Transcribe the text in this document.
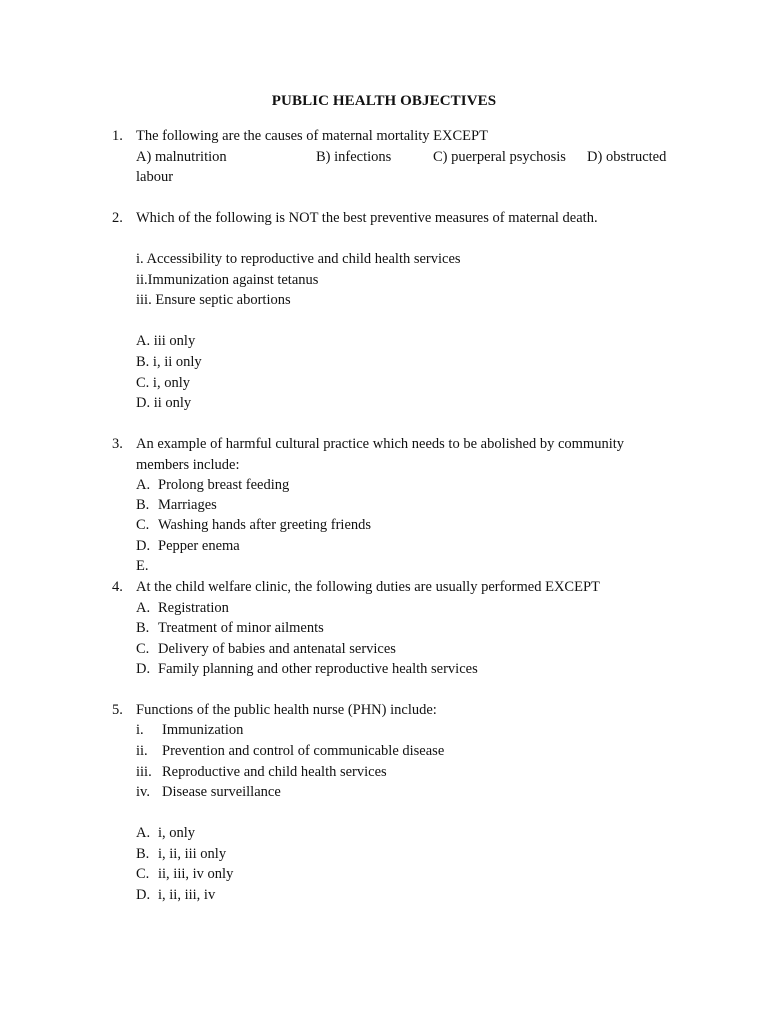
PUBLIC HEALTH OBJECTIVES
1. The following are the causes of maternal mortality EXCEPT
A) malnutrition	B) infections	C) puerperal psychosis D) obstructed
labour
2. Which of the following is NOT the best preventive measures of maternal death.
i. Accessibility to reproductive and child health services
ii.Immunization against tetanus
iii. Ensure septic abortions
A. iii only
B. i, ii only
C. i, only
D. ii only
3. An example of harmful cultural practice which needs to be abolished by community
members include:
A. Prolong breast feeding
B. Marriages
C. Washing hands after greeting friends
D. Pepper enema
E.
4. At the child welfare clinic, the following duties are usually performed EXCEPT
A. Registration
B. Treatment of minor ailments
C. Delivery of babies and antenatal services
D. Family planning and other reproductive health services
5. Functions of the public health nurse (PHN) include:
i. Immunization
ii. Prevention and control of communicable disease
iii. Reproductive and child health services
iv. Disease surveillance
A. i, only
B. i, ii, iii only
C. ii, iii, iv only
D. i, ii, iii, iv
